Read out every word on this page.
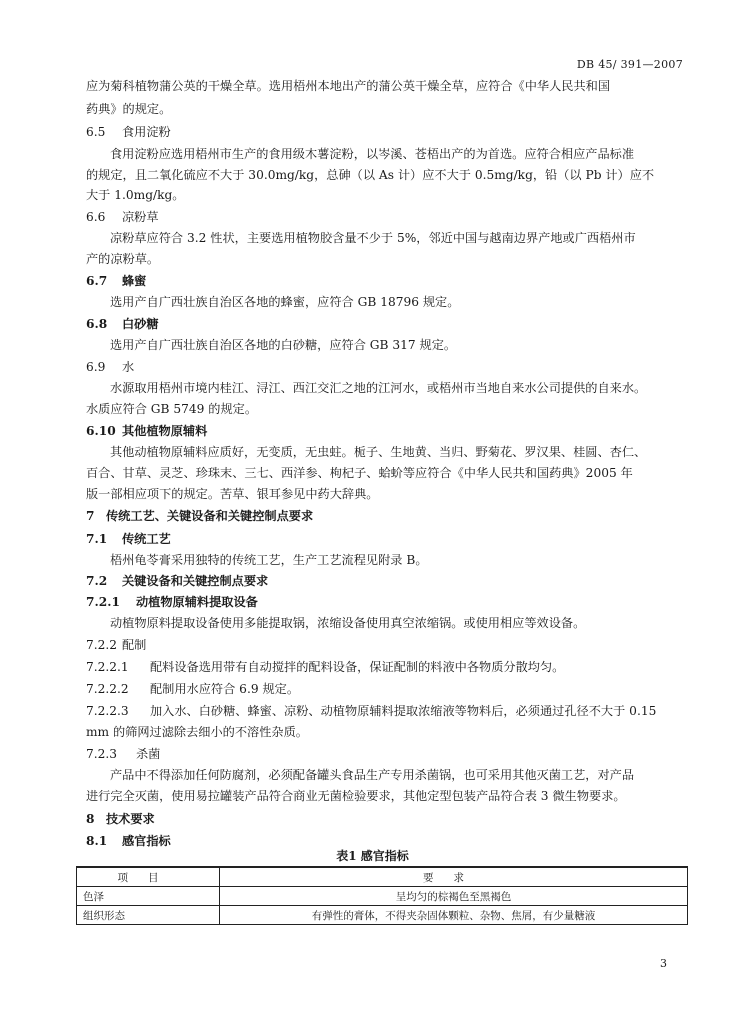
DB 45/ 391—2007
应为菊科植物蒲公英的干燥全草。选用梧州本地出产的蒲公英干燥全草，应符合《中华人民共和国
药典》的规定。
6.5 食用淀粉
食用淀粉应选用梧州市生产的食用级木薯淀粉，以岑溪、苍梧出产的为首选。应符合相应产品标准
的规定，且二氧化硫应不大于 30.0mg/kg，总砷（以 As 计）应不大于 0.5mg/kg，铅（以 Pb 计）应不
大于 1.0mg/kg。
6.6 凉粉草
凉粉草应符合 3.2 性状，主要选用植物胶含量不少于 5%，邻近中国与越南边界产地或广西梧州市
产的凉粉草。
6.7 蜂蜜
选用产自广西壮族自治区各地的蜂蜜，应符合 GB 18796 规定。
6.8 白砂糖
选用产自广西壮族自治区各地的白砂糖，应符合 GB 317 规定。
6.9 水
水源取用梧州市境内桂江、浔江、西江交汇之地的江河水，或梧州市当地自来水公司提供的自来水。
水质应符合 GB 5749 的规定。
6.10 其他植物原辅料
其他动植物原辅料应质好，无变质，无虫蛀。栀子、生地黄、当归、野菊花、罗汉果、桂圆、杏仁、
百合、甘草、灵芝、珍珠末、三七、西洋参、枸杞子、蛤蚧等应符合《中华人民共和国药典》2005 年
版一部相应项下的规定。苦草、银耳参见中药大辞典。
7 传统工艺、关键设备和关键控制点要求
7.1 传统工艺
梧州龟苓膏采用独特的传统工艺，生产工艺流程见附录 B。
7.2 关键设备和关键控制点要求
7.2.1 动植物原辅料提取设备
动植物原料提取设备使用多能提取锅，浓缩设备使用真空浓缩锅。或使用相应等效设备。
7.2.2 配制
7.2.2.1 配料设备选用带有自动搅拌的配料设备，保证配制的料液中各物质分散均匀。
7.2.2.2 配制用水应符合 6.9 规定。
7.2.2.3 加入水、白砂糖、蜂蜜、凉粉、动植物原辅料提取浓缩液等物料后，必须通过孔径不大于 0.15
mm 的筛网过滤除去细小的不溶性杂质。
7.2.3 杀菌
产品中不得添加任何防腐剂，必须配备罐头食品生产专用杀菌锅，也可采用其他灭菌工艺，对产品
进行完全灭菌，使用易拉罐装产品符合商业无菌检验要求，其他定型包装产品符合表 3 微生物要求。
8 技术要求
8.1 感官指标
表1 感官指标
项目	要求
色泽	呈均匀的棕褐色至黑褐色
组织形态	有弹性的膏体，不得夹杂固体颗粒、杂物、焦屑，有少量糖液
3
